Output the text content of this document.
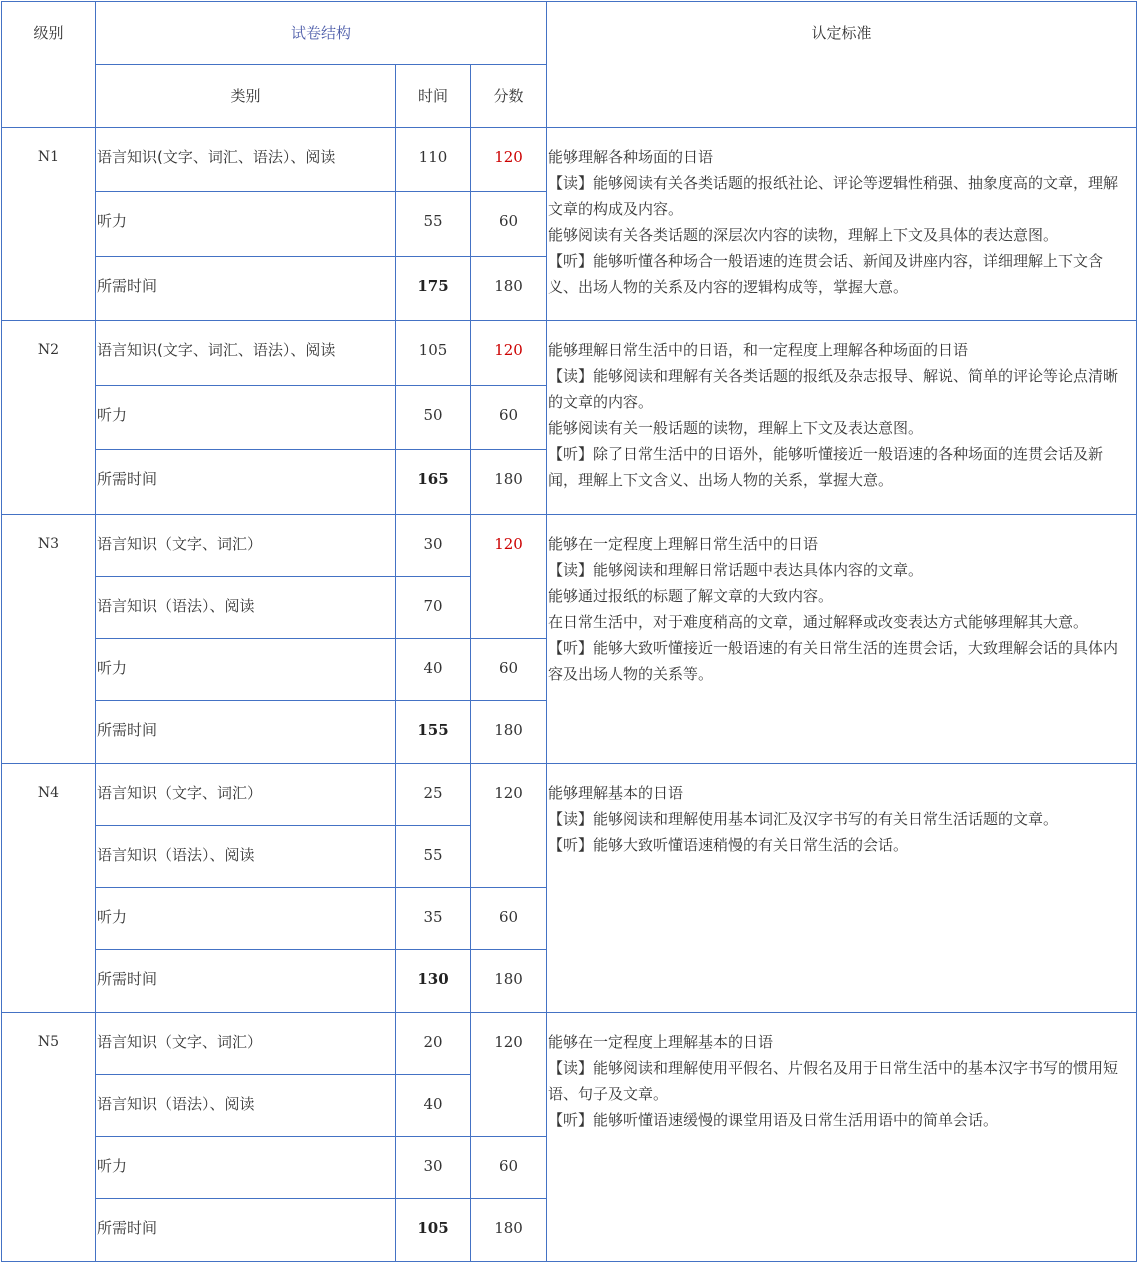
级别	试卷结构			认定标准
	类别	时间	分数	
N1	语言知识(文字、词汇、语法）、阅读	110	120	能够理解各种场面的日语
【读】能够阅读有关各类话题的报纸社论、评论等逻辑性稍强、抽象度高的文章，理解文章的构成及内容。
能够阅读有关各类话题的深层次内容的读物，理解上下文及具体的表达意图。
【听】能够听懂各种场合一般语速的连贯会话、新闻及讲座内容，详细理解上下文含义、出场人物的关系及内容的逻辑构成等，掌握大意。

	听力	55	60	
	所需时间	175	180	
N2	语言知识(文字、词汇、语法）、阅读	105	120	能够理解日常生活中的日语，和一定程度上理解各种场面的日语
【读】能够阅读和理解有关各类话题的报纸及杂志报导、解说、简单的评论等论点清晰的文章的内容。
能够阅读有关一般话题的读物，理解上下文及表达意图。
【听】除了日常生活中的日语外，能够听懂接近一般语速的各种场面的连贯会话及新闻，理解上下文含义、出场人物的关系，掌握大意。

	听力	50	60	
	所需时间	165	180	
N3	语言知识（文字、词汇）	30	120	能够在一定程度上理解日常生活中的日语
【读】能够阅读和理解日常话题中表达具体内容的文章。
能够通过报纸的标题了解文章的大致内容。
在日常生活中，对于难度稍高的文章，通过解释或改变表达方式能够理解其大意。
【听】能够大致听懂接近一般语速的有关日常生活的连贯会话，大致理解会话的具体内容及出场人物的关系等。

	语言知识（语法）、阅读	70		
	听力	40	60	
	所需时间	155	180	
N4	语言知识（文字、词汇）	25	120	能够理解基本的日语
【读】能够阅读和理解使用基本词汇及汉字书写的有关日常生活话题的文章。
【听】能够大致听懂语速稍慢的有关日常生活的会话。

	语言知识（语法）、阅读	55		
	听力	35	60	
	所需时间	130	180	
N5	语言知识（文字、词汇）	20	120	能够在一定程度上理解基本的日语
【读】能够阅读和理解使用平假名、片假名及用于日常生活中的基本汉字书写的惯用短语、句子及文章。
【听】能够听懂语速缓慢的课堂用语及日常生活用语中的简单会话。

	语言知识（语法）、阅读	40		
	听力	30	60	
	所需时间	105	180	
